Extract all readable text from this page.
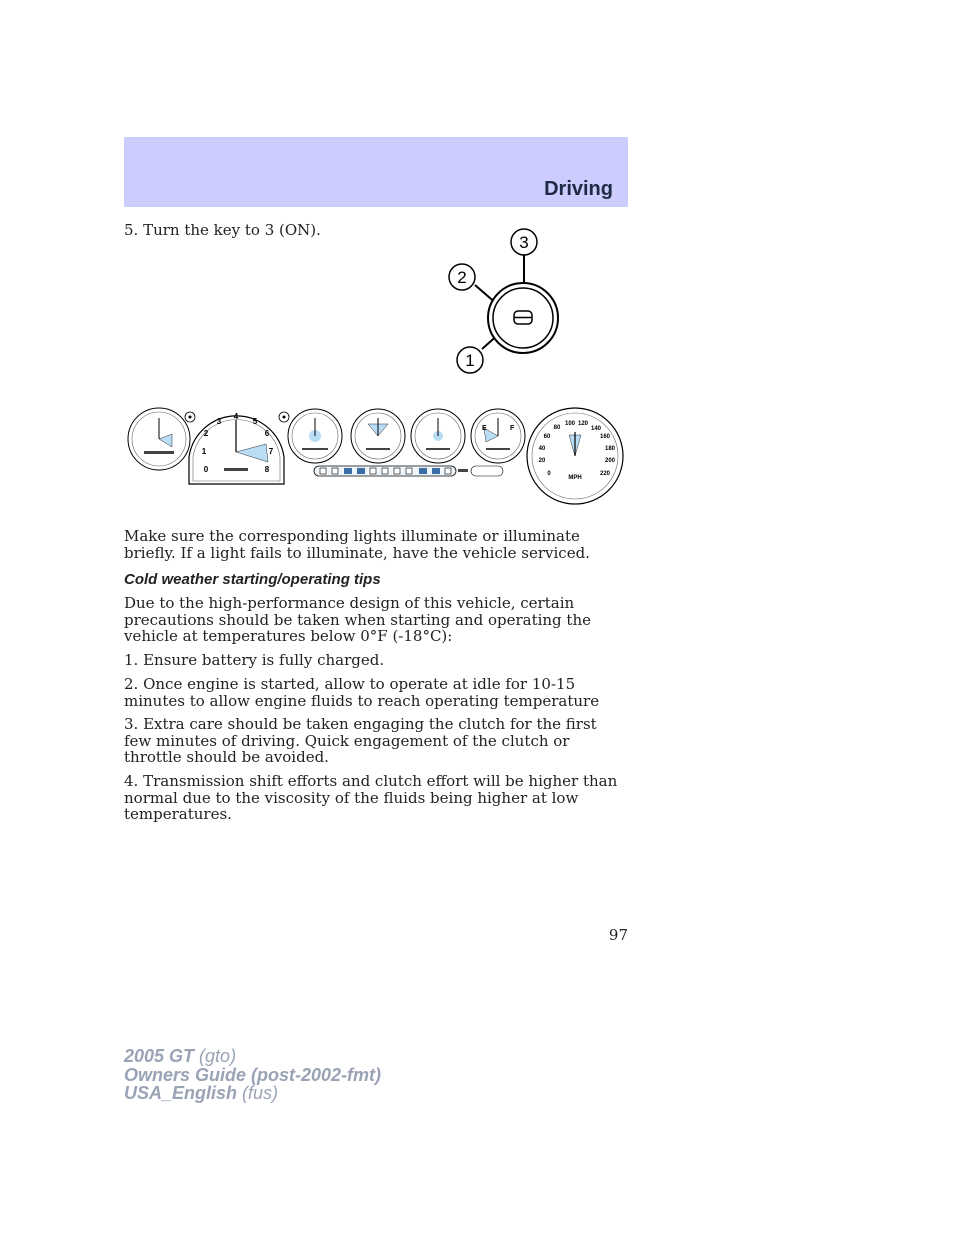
Driving

5. Turn the key to 3 (ON).

3
2
1
0
1
2
3
4
5
6
7
8
E	F
0
20
40
60
80
100 120
140
160
180
200
220
MPH

Make sure the corresponding lights illuminate or illuminate briefly. If a light fails to illuminate, have the vehicle serviced.

Cold weather starting/operating tips

Due to the high-performance design of this vehicle, certain precautions should be taken when starting and operating the vehicle at temperatures below 0°F (-18°C):

1. Ensure battery is fully charged.

2. Once engine is started, allow to operate at idle for 10-15 minutes to allow engine fluids to reach operating temperature

3. Extra care should be taken engaging the clutch for the first few minutes of driving. Quick engagement of the clutch or throttle should be avoided.

4. Transmission shift efforts and clutch effort will be higher than normal due to the viscosity of the fluids being higher at low temperatures.

97
2005 GT (gto)
Owners Guide (post-2002-fmt)
USA_English (fus)
